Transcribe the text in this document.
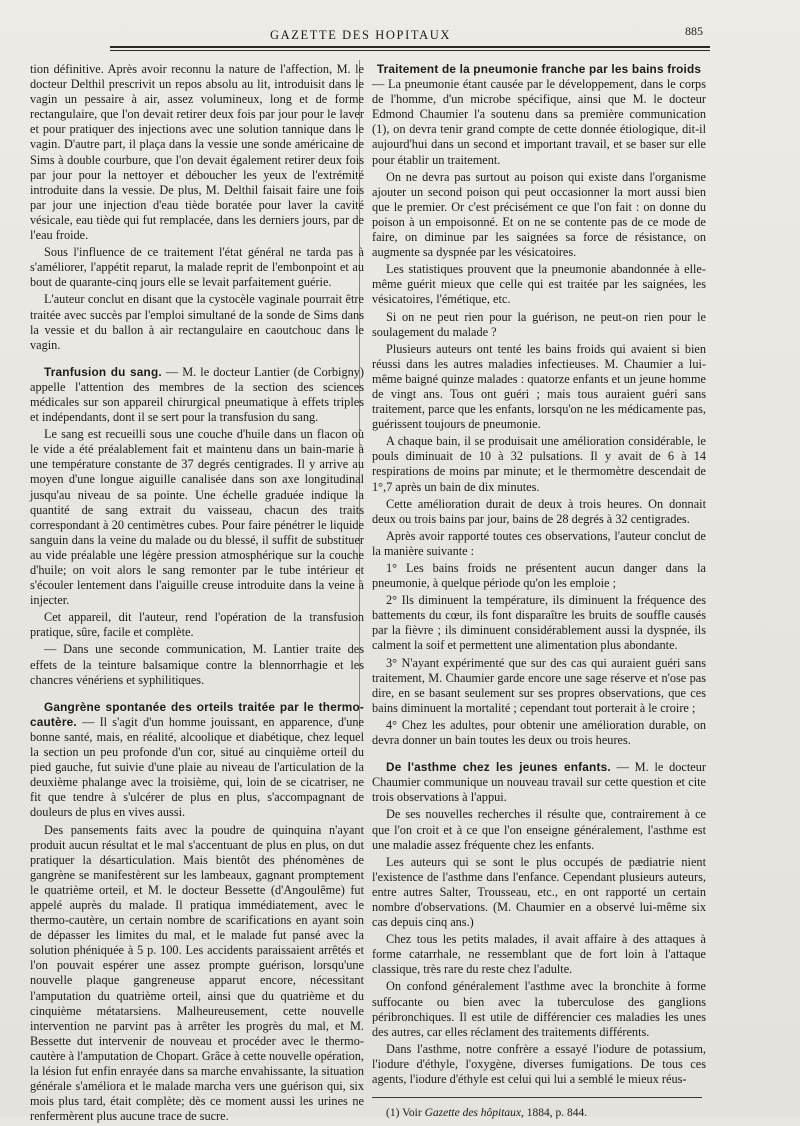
GAZETTE DES HOPITAUX	885

tion définitive. Après avoir reconnu la nature de l'affection, M. le docteur Delthil prescrivit un repos absolu au lit, introduisit dans le vagin un pessaire à air, assez volumineux, long et de forme rectangulaire, que l'on devait retirer deux fois par jour pour le laver et pour pratiquer des injections avec une solution tannique dans le vagin. D'autre part, il plaça dans la vessie une sonde américaine de Sims à double courbure, que l'on devait également retirer deux fois par jour pour la nettoyer et déboucher les yeux de l'extrémité introduite dans la vessie. De plus, M. Delthil faisait faire une fois par jour une injection d'eau tiède boratée pour laver la cavité vésicale, eau tiède qui fut remplacée, dans les derniers jours, par de l'eau froide.

Sous l'influence de ce traitement l'état général ne tarda pas à s'améliorer, l'appétit reparut, la malade reprit de l'embonpoint et au bout de quarante-cinq jours elle se levait parfaitement guérie.

L'auteur conclut en disant que la cystocèle vaginale pourrait être traitée avec succès par l'emploi simultané de la sonde de Sims dans la vessie et du ballon à air rectangulaire en caoutchouc dans le vagin.

Tranfusion du sang. — M. le docteur Lantier (de Corbigny) appelle l'attention des membres de la section des sciences médicales sur son appareil chirurgical pneumatique à effets triples et indépendants, dont il se sert pour la transfusion du sang.

Le sang est recueilli sous une couche d'huile dans un flacon où le vide a été préalablement fait et maintenu dans un bain-marie à une température constante de 37 degrés centigrades. Il y arrive au moyen d'une longue aiguille canalisée dans son axe longitudinal jusqu'au niveau de sa pointe. Une échelle graduée indique la quantité de sang extrait du vaisseau, chacun des traits correspondant à 20 centimètres cubes. Pour faire pénétrer le liquide sanguin dans la veine du malade ou du blessé, il suffit de substituer au vide préalable une légère pression atmosphérique sur la couche d'huile; on voit alors le sang remonter par le tube intérieur et s'écouler lentement dans l'aiguille creuse introduite dans la veine à injecter.

Cet appareil, dit l'auteur, rend l'opération de la transfusion pratique, sûre, facile et complète.

— Dans une seconde communication, M. Lantier traite des effets de la teinture balsamique contre la blennorrhagie et les chancres vénériens et syphilitiques.

Gangrène spontanée des orteils traitée par le thermo-cautère. — Il s'agit d'un homme jouissant, en apparence, d'une bonne santé, mais, en réalité, alcoolique et diabétique, chez lequel la section un peu profonde d'un cor, situé au cinquième orteil du pied gauche, fut suivie d'une plaie au niveau de l'articulation de la deuxième phalange avec la troisième, qui, loin de se cicatriser, ne fit que tendre à s'ulcérer de plus en plus, s'accompagnant de douleurs de plus en vives aussi.

Des pansements faits avec la poudre de quinquina n'ayant produit aucun résultat et le mal s'accentuant de plus en plus, on dut pratiquer la désarticulation. Mais bientôt des phénomènes de gangrène se manifestèrent sur les lambeaux, gagnant promptement le quatrième orteil, et M. le docteur Bessette (d'Angoulême) fut appelé auprès du malade. Il pratiqua immédiatement, avec le thermo-cautère, un certain nombre de scarifications en ayant soin de dépasser les limites du mal, et le malade fut pansé avec la solution phéniquée à 5 p. 100. Les accidents paraissaient arrêtés et l'on pouvait espérer une assez prompte guérison, lorsqu'une nouvelle plaque gangreneuse apparut encore, nécessitant l'amputation du quatrième orteil, ainsi que du quatrième et du cinquième métatarsiens. Malheureusement, cette nouvelle intervention ne parvint pas à arrêter les progrès du mal, et M. Bessette dut intervenir de nouveau et procéder avec le thermo-cautère à l'amputation de Chopart. Grâce à cette nouvelle opération, la lésion fut enfin enrayée dans sa marche envahissante, la situation générale s'améliora et le malade marcha vers une guérison qui, six mois plus tard, était complète; dès ce moment aussi les urines ne renfermèrent plus aucune trace de sucre.

Traitement de la pneumonie franche par les bains froids

— La pneumonie étant causée par le développement, dans le corps de l'homme, d'un microbe spécifique, ainsi que M. le docteur Edmond Chaumier l'a soutenu dans sa première communication (1), on devra tenir grand compte de cette donnée étiologique, dit-il aujourd'hui dans un second et important travail, et se baser sur elle pour établir un traitement.

On ne devra pas surtout au poison qui existe dans l'organisme ajouter un second poison qui peut occasionner la mort aussi bien que le premier. Or c'est précisément ce que l'on fait : on donne du poison à un empoisonné. Et on ne se contente pas de ce mode de faire, on diminue par les saignées sa force de résistance, on augmente sa dyspnée par les vésicatoires.

Les statistiques prouvent que la pneumonie abandonnée à elle-même guérit mieux que celle qui est traitée par les saignées, les vésicatoires, l'émétique, etc.

Si on ne peut rien pour la guérison, ne peut-on rien pour le soulagement du malade ?

Plusieurs auteurs ont tenté les bains froids qui avaient si bien réussi dans les autres maladies infectieuses. M. Chaumier a lui-même baigné quinze malades : quatorze enfants et un jeune homme de vingt ans. Tous ont guéri ; mais tous auraient guéri sans traitement, parce que les enfants, lorsqu'on ne les médicamente pas, guérissent toujours de pneumonie.

A chaque bain, il se produisait une amélioration considérable, le pouls diminuait de 10 à 32 pulsations. Il y avait de 6 à 14 respirations de moins par minute; et le thermomètre descendait de 1°,7 après un bain de dix minutes.

Cette amélioration durait de deux à trois heures. On donnait deux ou trois bains par jour, bains de 28 degrés à 32 centigrades.

Après avoir rapporté toutes ces observations, l'auteur conclut de la manière suivante :

1° Les bains froids ne présentent aucun danger dans la pneumonie, à quelque période qu'on les emploie ;

2° Ils diminuent la température, ils diminuent la fréquence des battements du cœur, ils font disparaître les bruits de souffle causés par la fièvre ; ils diminuent considérablement aussi la dyspnée, ils calment la soif et permettent une alimentation plus abondante.

3° N'ayant expérimenté que sur des cas qui auraient guéri sans traitement, M. Chaumier garde encore une sage réserve et n'ose pas dire, en se basant seulement sur ses propres observations, que ces bains diminuent la mortalité ; cependant tout porterait à le croire ;

4° Chez les adultes, pour obtenir une amélioration durable, on devra donner un bain toutes les deux ou trois heures.

De l'asthme chez les jeunes enfants. — M. le docteur Chaumier communique un nouveau travail sur cette question et cite trois observations à l'appui.

De ses nouvelles recherches il résulte que, contrairement à ce que l'on croit et à ce que l'on enseigne généralement, l'asthme est une maladie assez fréquente chez les enfants.

Les auteurs qui se sont le plus occupés de pædiatrie nient l'existence de l'asthme dans l'enfance. Cependant plusieurs auteurs, entre autres Salter, Trousseau, etc., en ont rapporté un certain nombre d'observations. (M. Chaumier en a observé lui-même six cas depuis cinq ans.)

Chez tous les petits malades, il avait affaire à des attaques à forme catarrhale, ne ressemblant que de fort loin à l'attaque classique, très rare du reste chez l'adulte.

On confond généralement l'asthme avec la bronchite à forme suffocante ou bien avec la tuberculose des ganglions péribronchiques. Il est utile de différencier ces maladies les unes des autres, car elles réclament des traitements différents.

Dans l'asthme, notre confrère a essayé l'iodure de potassium, l'iodure d'éthyle, l'oxygène, diverses fumigations. De tous ces agents, l'iodure d'éthyle est celui qui lui a semblé le mieux réus-

(1) Voir Gazette des hôpitaux, 1884, p. 844.
